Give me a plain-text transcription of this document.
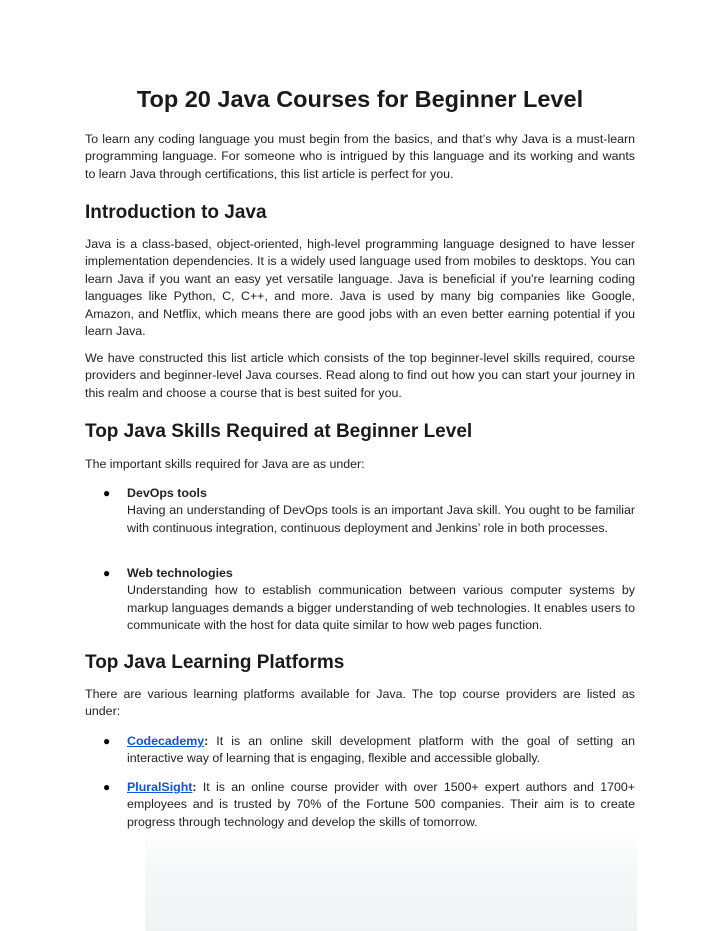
Top 20 Java Courses for Beginner Level

To learn any coding language you must begin from the basics, and that’s why Java is a must-learn programming language. For someone who is intrigued by this language and its working and wants to learn Java through certifications, this list article is perfect for you.

Introduction to Java

Java is a class-based, object-oriented, high-level programming language designed to have lesser implementation dependencies. It is a widely used language used from mobiles to desktops. You can learn Java if you want an easy yet versatile language. Java is beneficial if you're learning coding languages like Python, C, C++, and more. Java is used by many big companies like Google, Amazon, and Netflix, which means there are good jobs with an even better earning potential if you learn Java.

We have constructed this list article which consists of the top beginner-level skills required, course providers and beginner-level Java courses. Read along to find out how you can start your journey in this realm and choose a course that is best suited for you.

Top Java Skills Required at Beginner Level

The important skills required for Java are as under:

● DevOps tools
Having an understanding of DevOps tools is an important Java skill. You ought to be familiar with continuous integration, continuous deployment and Jenkins’ role in both processes.
● Web technologies
Understanding how to establish communication between various computer systems by markup languages demands a bigger understanding of web technologies. It enables users to communicate with the host for data quite similar to how web pages function.
Top Java Learning Platforms

There are various learning platforms available for Java. The top course providers are listed as under:

● Codecademy: It is an online skill development platform with the goal of setting an interactive way of learning that is engaging, flexible and accessible globally.
● PluralSight: It is an online course provider with over 1500+ expert authors and 1700+ employees and is trusted by 70% of the Fortune 500 companies. Their aim is to create progress through technology and develop the skills of tomorrow.
